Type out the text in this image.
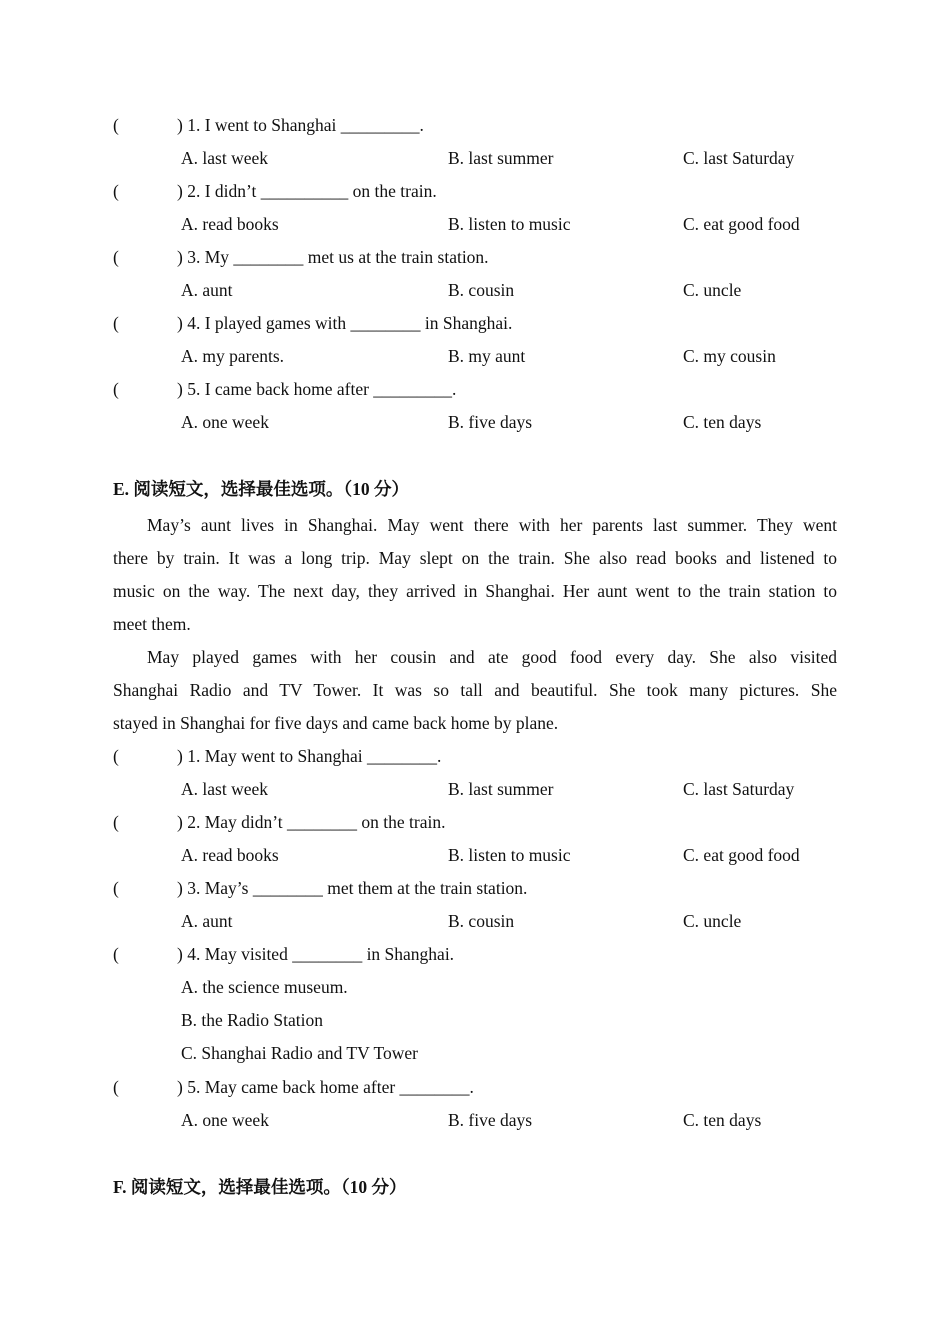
(	) 1. I went to Shanghai _________.
A. last week	B. last summer	C. last Saturday
(	) 2. I didn’t __________ on the train.
A. read books	B. listen to music	C. eat good food
(	) 3. My ________ met us at the train station.
A. aunt	B. cousin	C. uncle
(	) 4. I played games with ________ in Shanghai.
A. my parents.	B. my aunt	C. my cousin
(	) 5. I came back home after _________.
A. one week	B. five days	C. ten days
E. 阅读短文，选择最佳选项。（10 分）
May’s aunt lives in Shanghai. May went there with her parents last summer. They went
there by train. It was a long trip. May slept on the train. She also read books and listened to
music on the way. The next day, they arrived in Shanghai. Her aunt went to the train station to
meet them.
May played games with her cousin and ate good food every day. She also visited
Shanghai Radio and TV Tower. It was so tall and beautiful. She took many pictures. She
stayed in Shanghai for five days and came back home by plane.
(	) 1. May went to Shanghai ________.
A. last week	B. last summer	C. last Saturday
(	) 2. May didn’t ________ on the train.
A. read books	B. listen to music	C. eat good food
(	) 3. May’s ________ met them at the train station.
A. aunt	B. cousin	C. uncle
(	) 4. May visited ________ in Shanghai.
A. the science museum.
B. the Radio Station
C. Shanghai Radio and TV Tower
(	) 5. May came back home after ________.
A. one week	B. five days	C. ten days
F. 阅读短文，选择最佳选项。（10 分）
